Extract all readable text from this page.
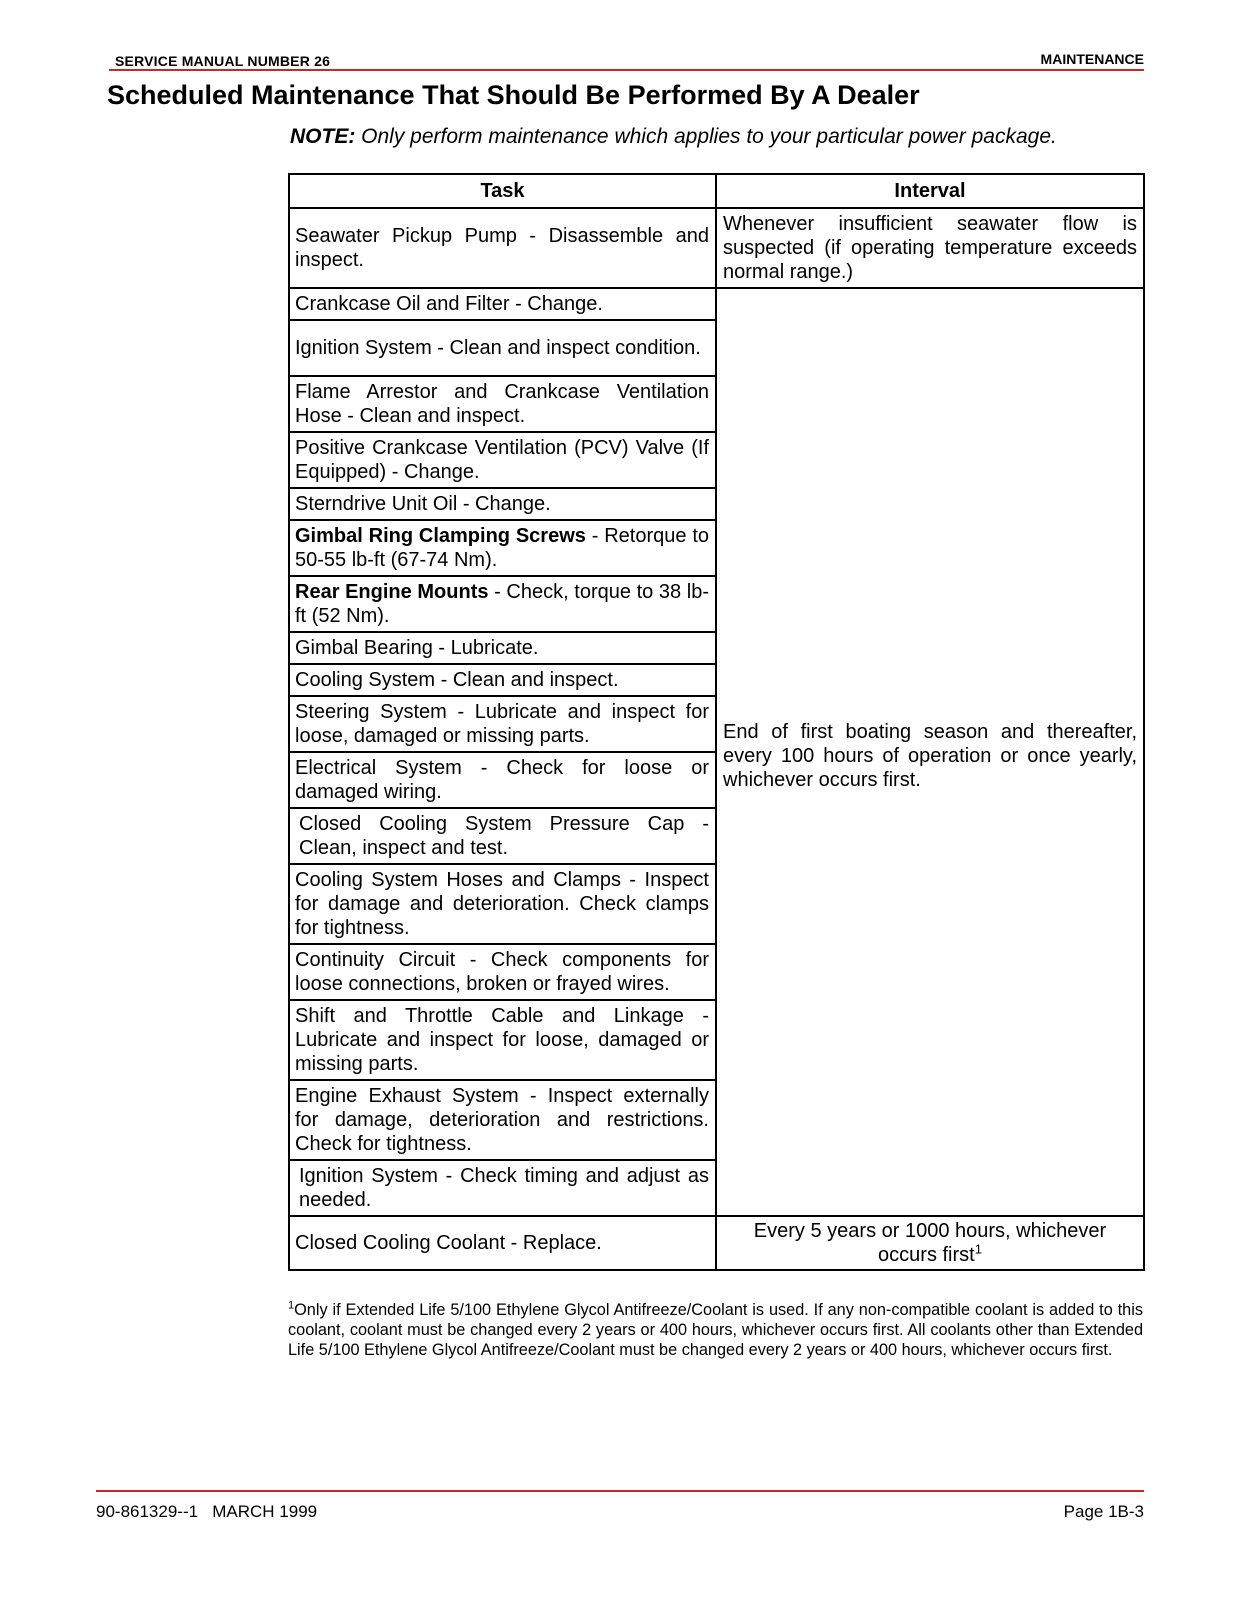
SERVICE MANUAL NUMBER 26	MAINTENANCE
Scheduled Maintenance That Should Be Performed By A Dealer
NOTE: Only perform maintenance which applies to your particular power package.
Task	Interval
Seawater Pickup Pump - Disassemble and inspect.	Whenever insufficient seawater flow is suspected (if operating temperature exceeds normal range.)
Crankcase Oil and Filter - Change.	End of first boating season and thereafter, every 100 hours of operation or once yearly, whichever occurs first.

Ignition System - Clean and inspect condition.	
Flame Arrestor and Crankcase Ventilation Hose - Clean and inspect.	
Positive Crankcase Ventilation (PCV) Valve (If Equipped) - Change.	
Sterndrive Unit Oil - Change.	
Gimbal Ring Clamping Screws - Retorque to 50-55 lb-ft (67-74 Nm).	
Rear Engine Mounts - Check, torque to 38 lb-ft (52 Nm).	
Gimbal Bearing - Lubricate.	
Cooling System - Clean and inspect.	
Steering System - Lubricate and inspect for loose, damaged or missing parts.	
Electrical System - Check for loose or damaged wiring.	
Closed Cooling System Pressure Cap - Clean, inspect and test.	
Cooling System Hoses and Clamps - Inspect for damage and deterioration. Check clamps for tightness.	
Continuity Circuit - Check components for loose connections, broken or frayed wires.	
Shift and Throttle Cable and Linkage - Lubricate and inspect for loose, damaged or missing parts.	
Engine Exhaust System - Inspect externally for damage, deterioration and restrictions. Check for tightness.	
Ignition System - Check timing and adjust as needed.	
Closed Cooling Coolant - Replace.	Every 5 years or 1000 hours, whichever occurs first$^1$
$^1$Only if Extended Life 5/100 Ethylene Glycol Antifreeze/Coolant is used. If any non-compatible coolant is added to this coolant, coolant must be changed every 2 years or 400 hours, whichever occurs first. All coolants other than Extended Life 5/100 Ethylene Glycol Antifreeze/Coolant must be changed every 2 years or 400 hours, whichever occurs first.
90-861329--1 MARCH 1999	Page 1B-3
